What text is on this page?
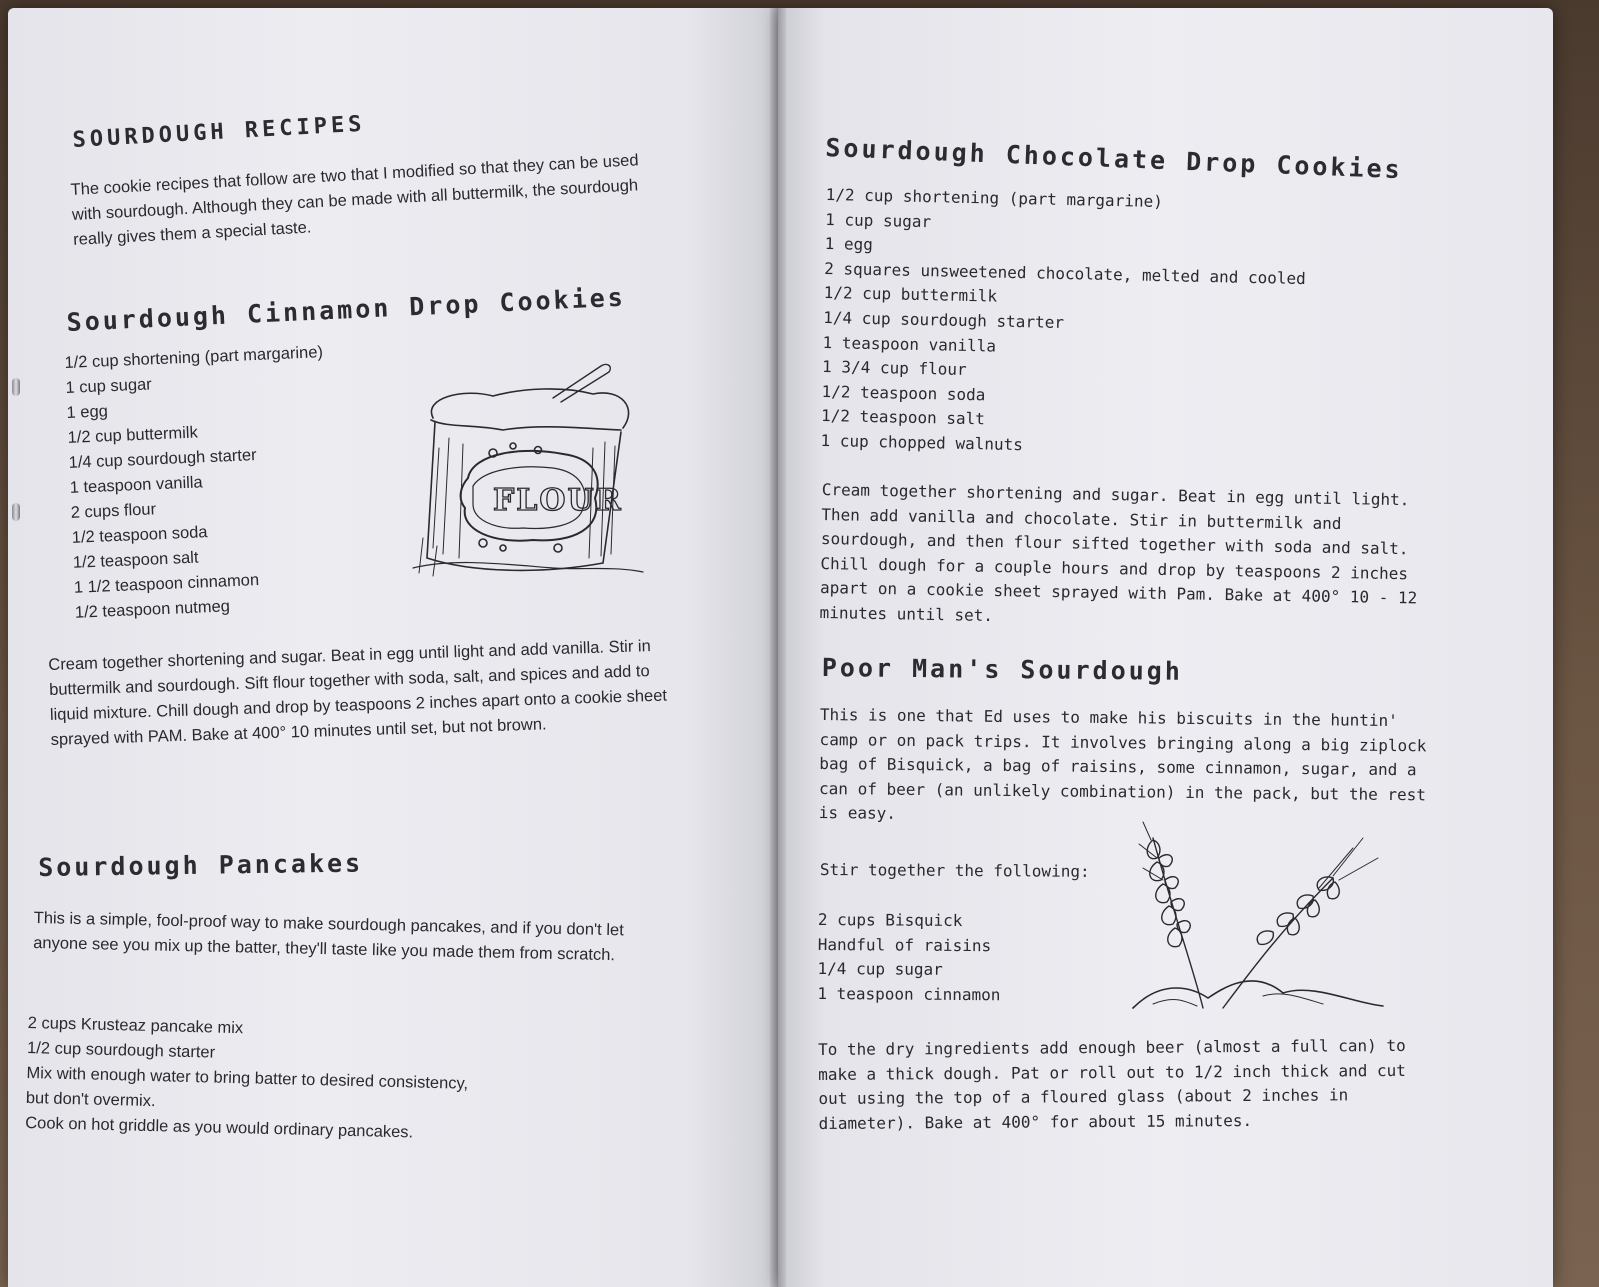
SOURDOUGH RECIPES

The cookie recipes that follow are two that I modified so that they can be used with sourdough. Although they can be made with all buttermilk, the sourdough really gives them a special taste.

Sourdough Cinnamon Drop Cookies
1/2 cup shortening (part margarine)
1 cup sugar
1 egg
1/2 cup buttermilk
1/4 cup sourdough starter
1 teaspoon vanilla
2 cups flour
1/2 teaspoon soda
1/2 teaspoon salt
1 1/2 teaspoon cinnamon
1/2 teaspoon nutmeg
FLOUR

Cream together shortening and sugar. Beat in egg until light and add vanilla. Stir in buttermilk and sourdough. Sift flour together with soda, salt, and spices and add to liquid mixture. Chill dough and drop by teaspoons 2 inches apart onto a cookie sheet sprayed with PAM. Bake at 400° 10 minutes until set, but not brown.

Sourdough Pancakes

This is a simple, fool-proof way to make sourdough pancakes, and if you don't let anyone see you mix up the batter, they'll taste like you made them from scratch.

2 cups Krusteaz pancake mix
1/2 cup sourdough starter
Mix with enough water to bring batter to desired consistency,
but don't overmix.
Cook on hot griddle as you would ordinary pancakes.
Sourdough Chocolate Drop Cookies
1/2 cup shortening (part margarine)
1 cup sugar
1 egg
2 squares unsweetened chocolate, melted and cooled
1/2 cup buttermilk
1/4 cup sourdough starter
1 teaspoon vanilla
1 3/4 cup flour
1/2 teaspoon soda
1/2 teaspoon salt
1 cup chopped walnuts

Cream together shortening and sugar. Beat in egg until light. Then add vanilla and chocolate. Stir in buttermilk and sourdough, and then flour sifted together with soda and salt. Chill dough for a couple hours and drop by teaspoons 2 inches apart on a cookie sheet sprayed with Pam. Bake at 400° 10 - 12 minutes until set.

Poor Man's Sourdough

This is one that Ed uses to make his biscuits in the huntin' camp or on pack trips. It involves bringing along a big ziplock bag of Bisquick, a bag of raisins, some cinnamon, sugar, and a can of beer (an unlikely combination) in the pack, but the rest is easy.

Stir together the following:

2 cups Bisquick
Handful of raisins
1/4 cup sugar
1 teaspoon cinnamon

To the dry ingredients add enough beer (almost a full can) to make a thick dough. Pat or roll out to 1/2 inch thick and cut out using the top of a floured glass (about 2 inches in diameter). Bake at 400° for about 15 minutes.
